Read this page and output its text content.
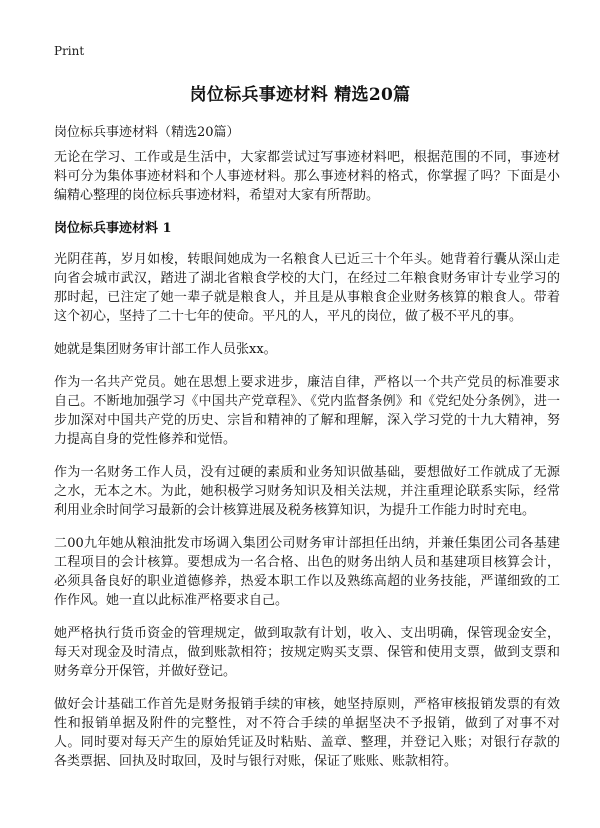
Print
岗位标兵事迹材料 精选20篇
岗位标兵事迹材料（精选20篇）

无论在学习、工作或是生活中，大家都尝试过写事迹材料吧，根据范围的不同，事迹材料可分为集体事迹材料和个人事迹材料。那么事迹材料的格式，你掌握了吗？下面是小编精心整理的岗位标兵事迹材料，希望对大家有所帮助。

岗位标兵事迹材料 1

光阴荏苒，岁月如梭，转眼间她成为一名粮食人已近三十个年头。她背着行囊从深山走向省会城市武汉，踏进了湖北省粮食学校的大门，在经过二年粮食财务审计专业学习的那时起，已注定了她一辈子就是粮食人，并且是从事粮食企业财务核算的粮食人。带着这个初心，坚持了二十七年的使命。平凡的人，平凡的岗位，做了极不平凡的事。

她就是集团财务审计部工作人员张xx。

作为一名共产党员。她在思想上要求进步，廉洁自律，严格以一个共产党员的标准要求自己。不断地加强学习《中国共产党章程》、《党内监督条例》和《党纪处分条例》，进一步加深对中国共产党的历史、宗旨和精神的了解和理解，深入学习党的十九大精神，努力提高自身的党性修养和觉悟。

作为一名财务工作人员，没有过硬的素质和业务知识做基础，要想做好工作就成了无源之水，无本之木。为此，她积极学习财务知识及相关法规，并注重理论联系实际，经常利用业余时间学习最新的会计核算进展及税务核算知识，为提升工作能力时时充电。

二00九年她从粮油批发市场调入集团公司财务审计部担任出纳，并兼任集团公司各基建工程项目的会计核算。要想成为一名合格、出色的财务出纳人员和基建项目核算会计，必须具备良好的职业道德修养，热爱本职工作以及熟练高超的业务技能，严谨细致的工作作风。她一直以此标准严格要求自己。

她严格执行货币资金的管理规定，做到取款有计划，收入、支出明确，保管现金安全，每天对现金及时清点，做到账款相符；按规定购买支票、保管和使用支票，做到支票和财务章分开保管，并做好登记。

做好会计基础工作首先是财务报销手续的审核，她坚持原则，严格审核报销发票的有效性和报销单据及附件的完整性，对不符合手续的单据坚决不予报销，做到了对事不对人。同时要对每天产生的原始凭证及时粘贴、盖章、整理，并登记入账；对银行存款的各类票据、回执及时取回，及时与银行对账，保证了账账、账款相符。
